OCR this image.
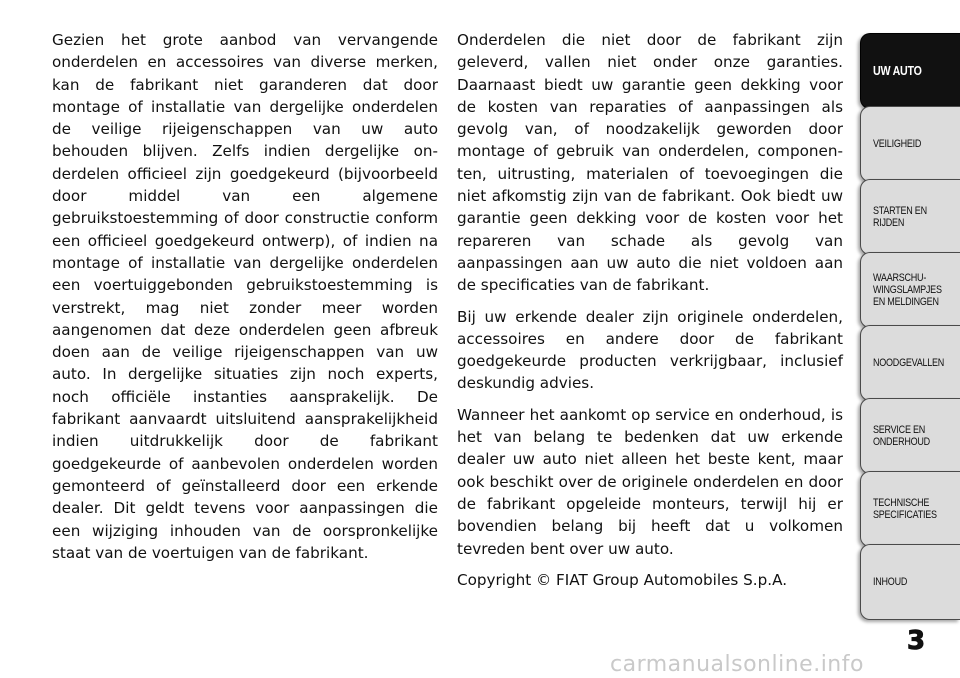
Gezien het grote aanbod van vervangende onderdelen en accessoires van diverse merken, kan de fabrikant niet garanderen dat door montage of installatie van dergelijke onderdelen de veilige rijeigenschappen van uw auto behouden blijven. Zelfs indien dergelijke onderdelen officieel zijn goedgekeurd (bijvoorbeeld door middel van een algemene gebruikstoestemming of door constructie conform een officieel goedgekeurd ontwerp), of indien na montage of installatie van dergelijke onderdelen een voertuiggebonden gebruikstoestemming is verstrekt, mag niet zonder meer worden aangenomen dat deze onderdelen geen afbreuk doen aan de veilige rijeigenschappen van uw auto. In dergelijke situaties zijn noch experts, noch officiële instanties aansprakelijk. De fabrikant aanvaardt uitsluitend aansprakelijkheid indien uitdrukkelijk door de fabrikant goedgekeurde of aanbevolen onderdelen worden gemonteerd of geïnstalleerd door een erkende dealer. Dit geldt tevens voor aanpassingen die een wijziging inhouden van de oorspronkelijke staat van de voertuigen van de fabrikant.

Onderdelen die niet door de fabrikant zijn geleverd, vallen niet onder onze garanties. Daarnaast biedt uw garantie geen dekking voor de kosten van reparaties of aanpassingen als gevolg van, of noodzakelijk geworden door montage of gebruik van onderdelen, componenten, uitrusting, materialen of toevoegingen die niet afkomstig zijn van de fabrikant. Ook biedt uw garantie geen dekking voor de kosten voor het repareren van schade als gevolg van aanpassingen aan uw auto die niet voldoen aan de specificaties van de fabrikant.

Bij uw erkende dealer zijn originele onderdelen, accessoires en andere door de fabrikant goedgekeurde producten verkrijgbaar, inclusief deskundig advies.

Wanneer het aankomt op service en onderhoud, is het van belang te bedenken dat uw erkende dealer uw auto niet alleen het beste kent, maar ook beschikt over de originele onderdelen en door de fabrikant opgeleide monteurs, terwijl hij er bovendien belang bij heeft dat u volkomen tevreden bent over uw auto.

Copyright © FIAT Group Automobiles S.p.A.

UW AUTO
VEILIGHEID
STARTEN EN
RIJDEN
WAARSCHU-
WINGSLAMPJES
EN MELDINGEN
NOODGEVALLEN
SERVICE EN
ONDERHOUD
TECHNISCHE
SPECIFICATIES
INHOUD
3
carmanualsonline.info
